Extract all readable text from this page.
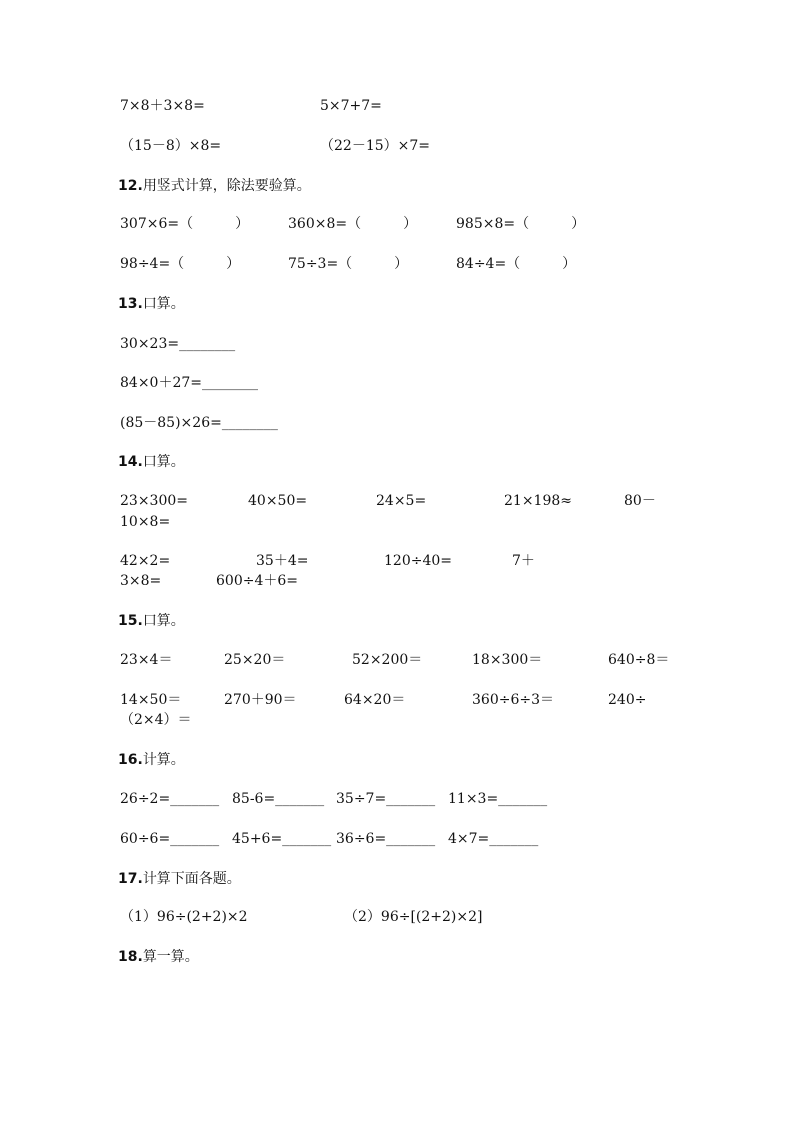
7×8＋3×8=	5×7+7=
（15－8）×8=	（22－15）×7=
12.用竖式计算，除法要验算。
307×6=（　　　）	360×8=（　　　）	985×8=（　　　）
98÷4=（　　　）	75÷3=（　　　）	84÷4=（　　　）
13.口算。
30×23=________
84×0＋27=________
(85－85)×26=________
14.口算。
23×300=	40×50=	24×5=	21×198≈	80－
10×8=
42×2=	35＋4=	120÷40=	7＋
3×8=	600÷4＋6=
15.口算。
23×4＝	25×20＝	52×200＝	18×300＝	640÷8＝
14×50＝	270＋90＝	64×20＝	360÷6÷3＝	240÷
（2×4）＝
16.计算。
26÷2=_______ 85-6=_______ 35÷7=_______ 11×3=_______
60÷6=_______ 45+6=_______ 36÷6=_______ 4×7=_______
17.计算下面各题。
（1）96÷(2+2)×2	（2）96÷[(2+2)×2]
18.算一算。
